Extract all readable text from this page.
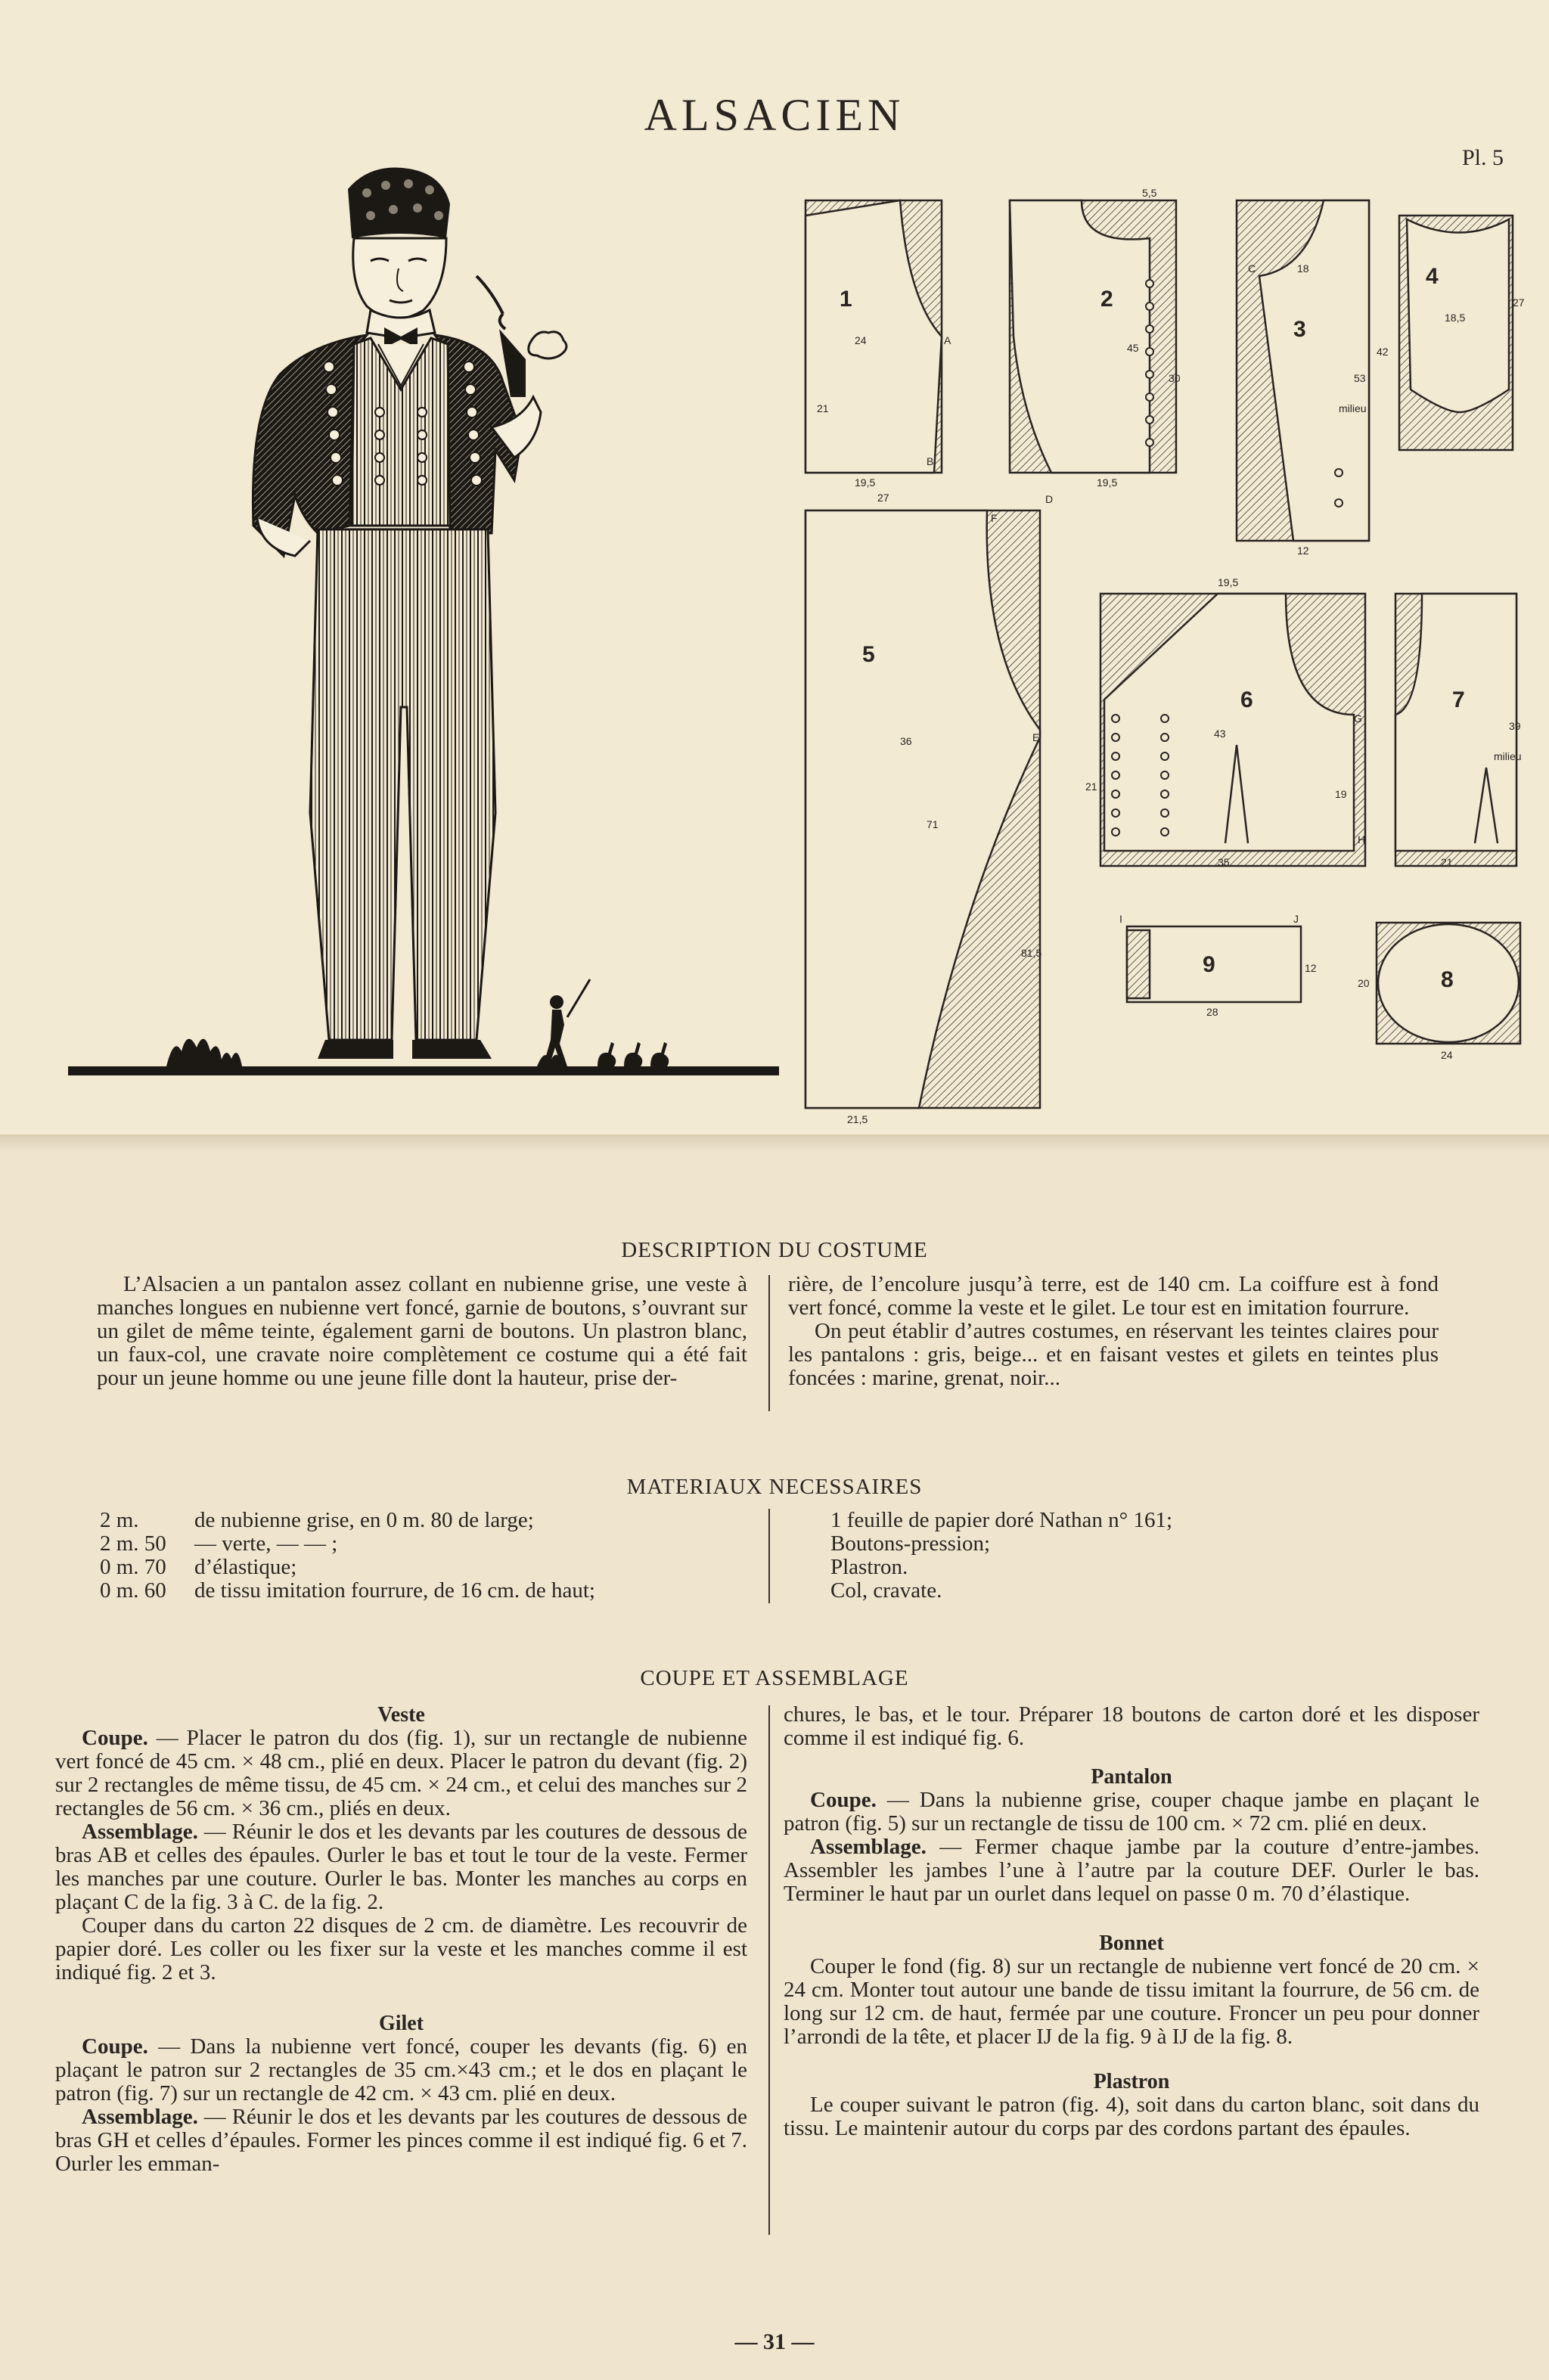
ALSACIEN
Pl. 5
1	2
3
4
5
6	7
8
9
24
21
19,5
27
5,5
45
30
19,5
18
53
42
milieu
12
18,5
27
36
71
81,5
21,5
19,5
43
21
19
35
milieu
39
21
20
24
28
12
A
B
C
D
E
F
G
H
I	J
DESCRIPTION DU COSTUME

L’Alsacien a un pantalon assez collant en nubienne grise, une veste à manches longues en nubienne vert foncé, garnie de boutons, s’ouvrant sur un gilet de même teinte, également garni de boutons. Un plastron blanc, un faux-col, une cravate noire complètement ce costume qui a été fait pour un jeune homme ou une jeune fille dont la hauteur, prise der-

rière, de l’encolure jusqu’à terre, est de 140 cm. La coiffure est à fond vert foncé, comme la veste et le gilet. Le tour est en imitation fourrure.

On peut établir d’autres costumes, en réservant les teintes claires pour les pantalons : gris, beige... et en faisant vestes et gilets en teintes plus foncées : marine, grenat, noir...

MATERIAUX NECESSAIRES
2 m.	de nubienne grise, en 0 m. 80 de large;
2 m. 50	— verte, — — ;
0 m. 70	d’élastique;
0 m. 60	de tissu imitation fourrure, de 16 cm. de haut;
1 feuille de papier doré Nathan n° 161;
Boutons-pression;
Plastron.
Col, cravate.
COUPE ET ASSEMBLAGE

Veste

Coupe. — Placer le patron du dos (fig. 1), sur un rectangle de nubienne vert foncé de 45 cm. × 48 cm., plié en deux. Placer le patron du devant (fig. 2) sur 2 rectangles de même tissu, de 45 cm. × 24 cm., et celui des manches sur 2 rectangles de 56 cm. × 36 cm., pliés en deux.

Assemblage. — Réunir le dos et les devants par les coutures de dessous de bras AB et celles des épaules. Ourler le bas et tout le tour de la veste. Fermer les manches par une couture. Ourler le bas. Monter les manches au corps en plaçant C de la fig. 3 à C. de la fig. 2.

Couper dans du carton 22 disques de 2 cm. de diamètre. Les recouvrir de papier doré. Les coller ou les fixer sur la veste et les manches comme il est indiqué fig. 2 et 3.

Gilet

Coupe. — Dans la nubienne vert foncé, couper les devants (fig. 6) en plaçant le patron sur 2 rectangles de 35 cm.×43 cm.; et le dos en plaçant le patron (fig. 7) sur un rectangle de 42 cm. × 43 cm. plié en deux.

Assemblage. — Réunir le dos et les devants par les coutures de dessous de bras GH et celles d’épaules. Former les pinces comme il est indiqué fig. 6 et 7. Ourler les emman-

chures, le bas, et le tour. Préparer 18 boutons de carton doré et les disposer comme il est indiqué fig. 6.

Pantalon

Coupe. — Dans la nubienne grise, couper chaque jambe en plaçant le patron (fig. 5) sur un rectangle de tissu de 100 cm. × 72 cm. plié en deux.

Assemblage. — Fermer chaque jambe par la couture d’entre-jambes. Assembler les jambes l’une à l’autre par la couture DEF. Ourler le bas. Terminer le haut par un ourlet dans lequel on passe 0 m. 70 d’élastique.

Bonnet

Couper le fond (fig. 8) sur un rectangle de nubienne vert foncé de 20 cm. × 24 cm. Monter tout autour une bande de tissu imitant la fourrure, de 56 cm. de long sur 12 cm. de haut, fermée par une couture. Froncer un peu pour donner l’arrondi de la tête, et placer IJ de la fig. 9 à IJ de la fig. 8.

Plastron

Le couper suivant le patron (fig. 4), soit dans du carton blanc, soit dans du tissu. Le maintenir autour du corps par des cordons partant des épaules.

— 31 —
